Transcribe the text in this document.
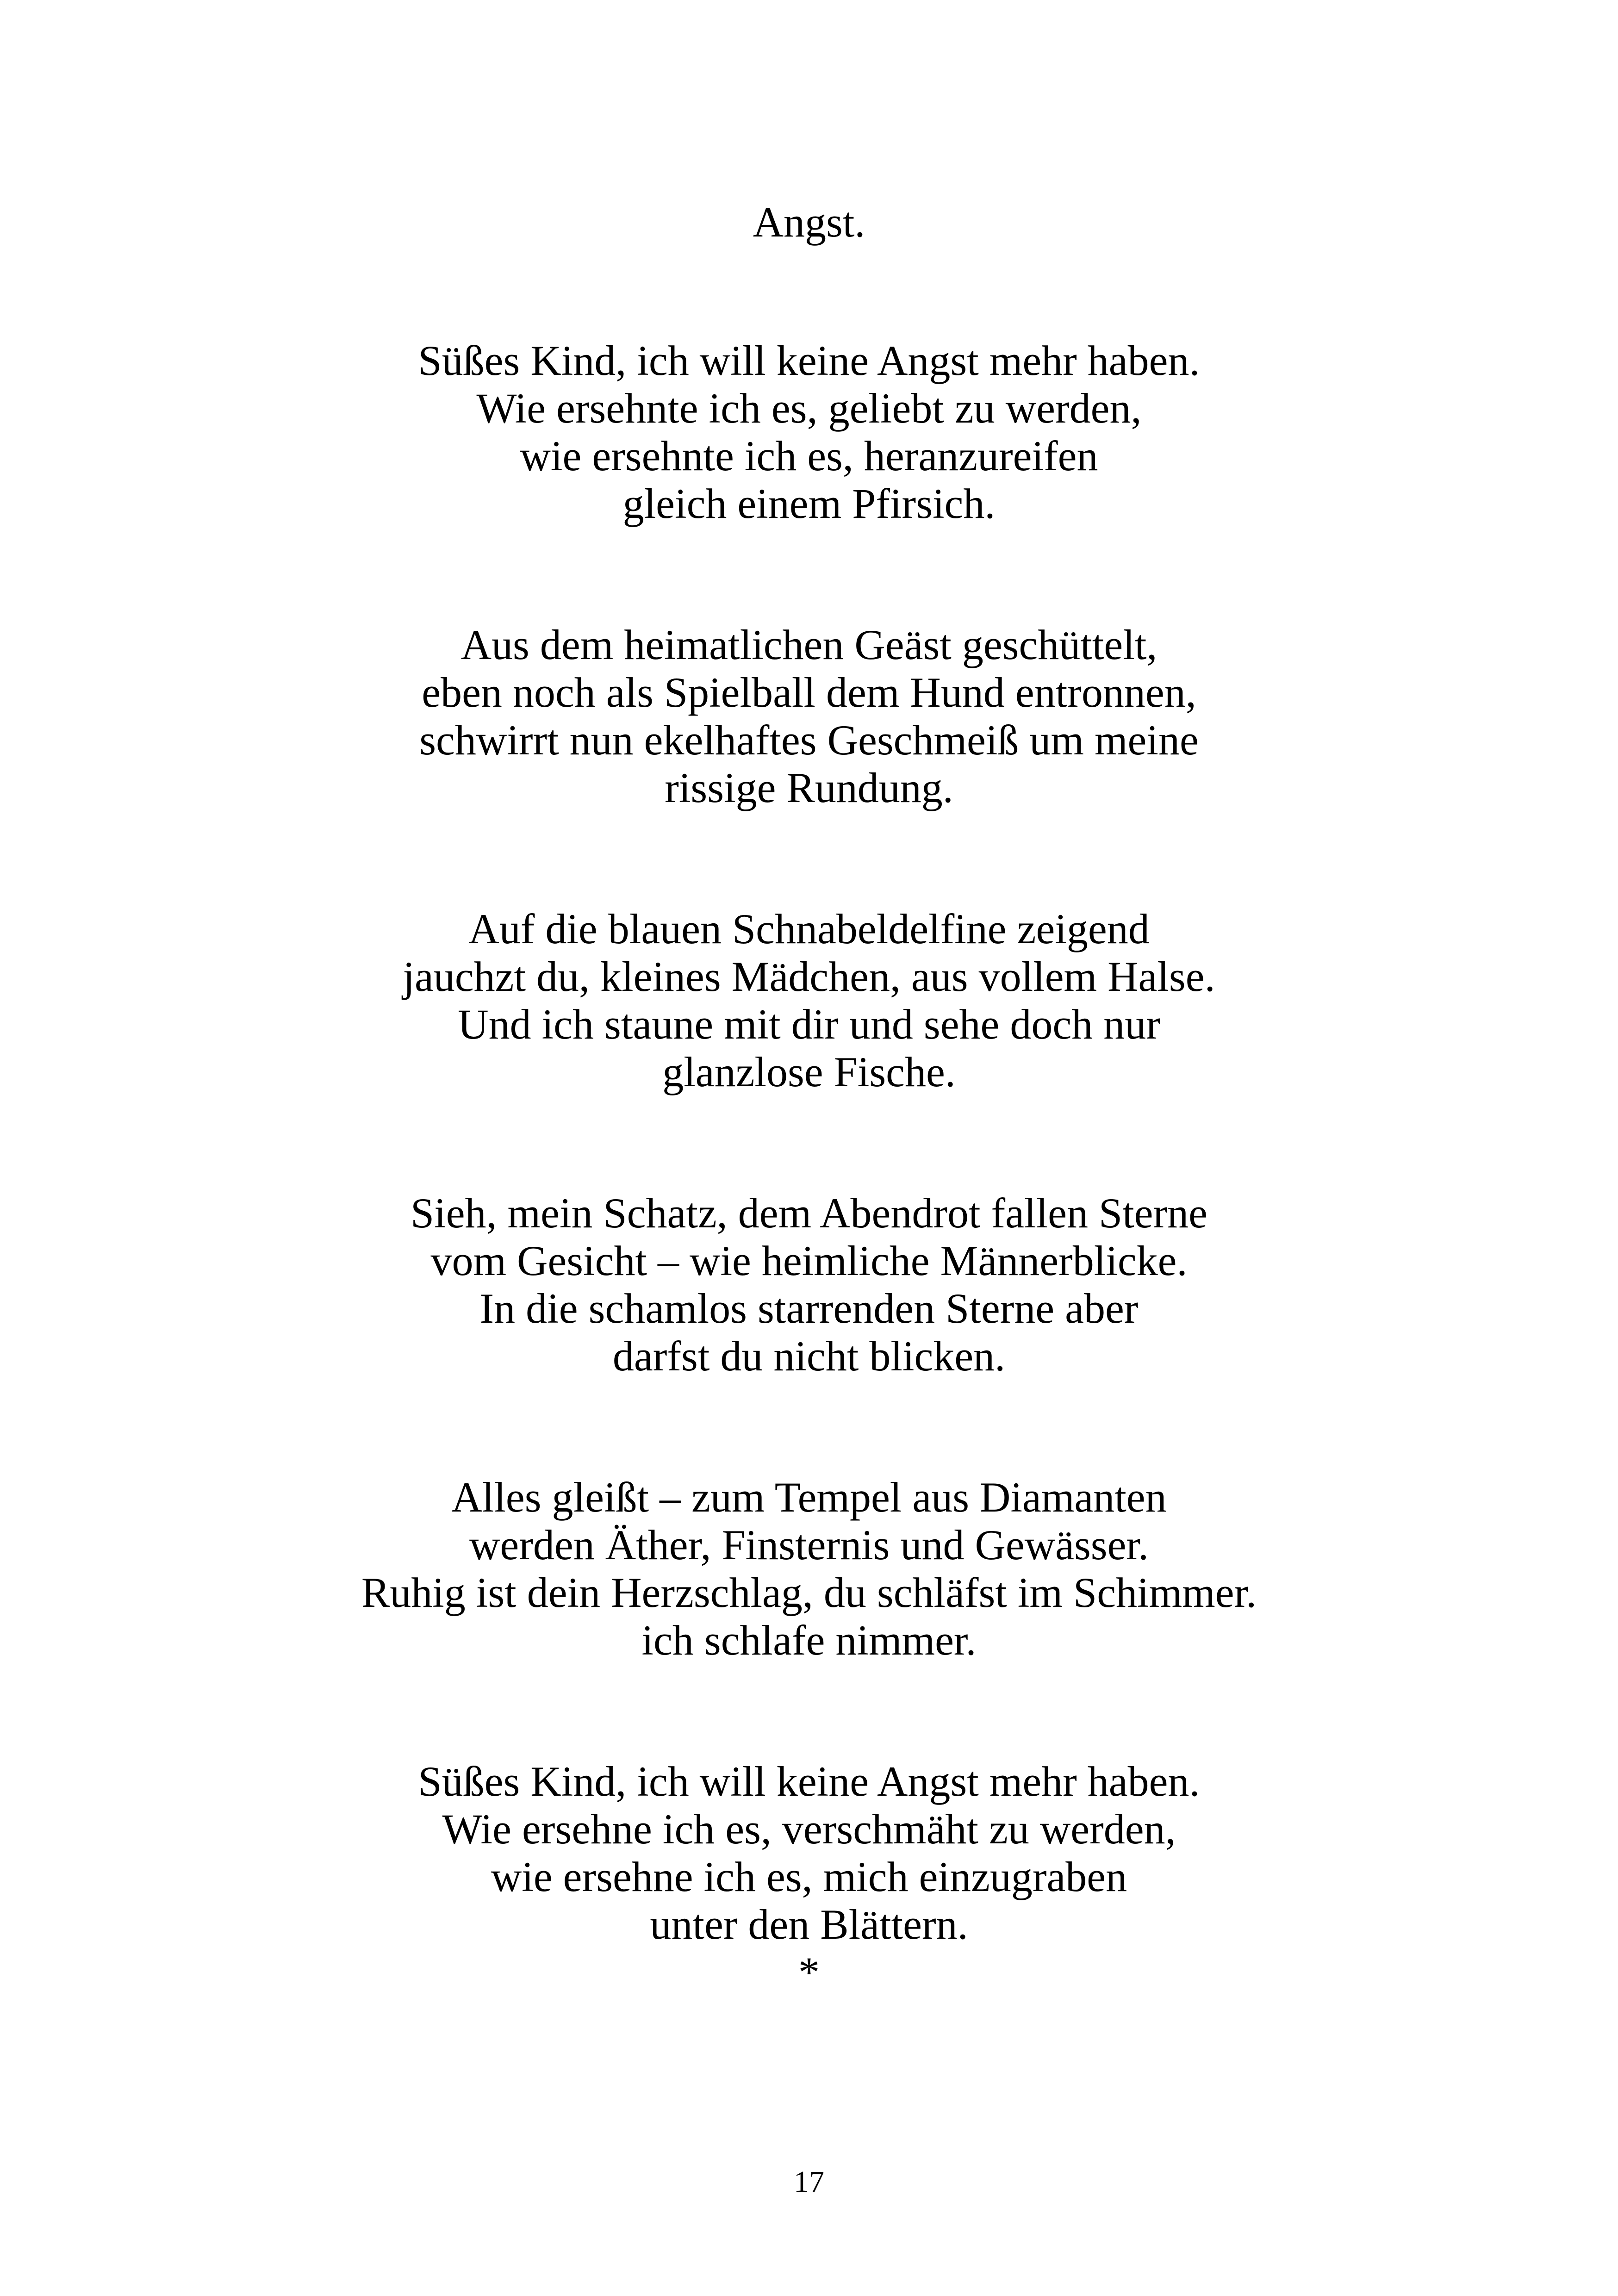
Angst.
Süßes Kind, ich will keine Angst mehr haben.
Wie ersehnte ich es, geliebt zu werden,
wie ersehnte ich es, heranzureifen
gleich einem Pfirsich.
Aus dem heimatlichen Geäst geschüttelt,
eben noch als Spielball dem Hund entronnen,
schwirrt nun ekelhaftes Geschmeiß um meine
rissige Rundung.
Auf die blauen Schnabeldelfine zeigend
jauchzt du, kleines Mädchen, aus vollem Halse.
Und ich staune mit dir und sehe doch nur
glanzlose Fische.
Sieh, mein Schatz, dem Abendrot fallen Sterne
vom Gesicht – wie heimliche Männerblicke.
In die schamlos starrenden Sterne aber
darfst du nicht blicken.
Alles gleißt – zum Tempel aus Diamanten
werden Äther, Finsternis und Gewässer.
Ruhig ist dein Herzschlag, du schläfst im Schimmer.
ich schlafe nimmer.
Süßes Kind, ich will keine Angst mehr haben.
Wie ersehne ich es, verschmäht zu werden,
wie ersehne ich es, mich einzugraben
unter den Blättern.
*
17
